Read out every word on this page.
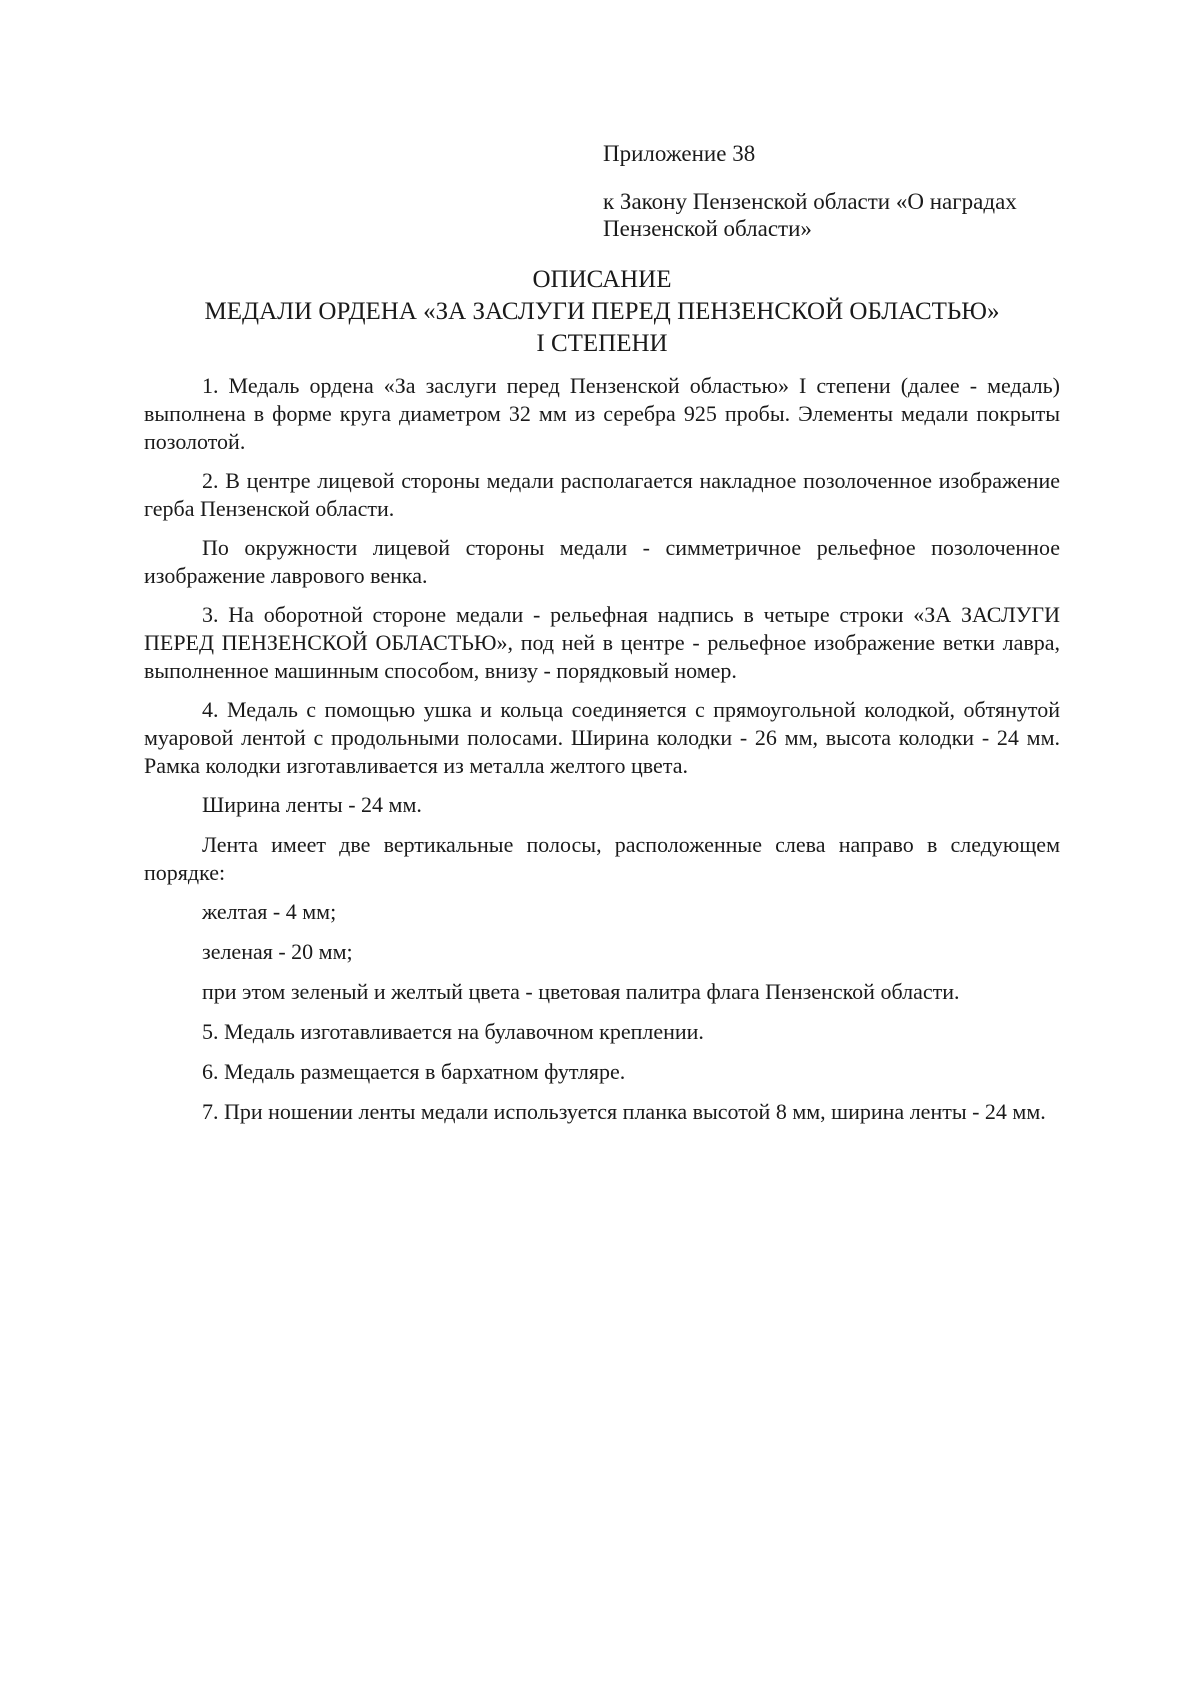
Приложение 38

к Закону Пензенской области «О наградах Пензенской области»

ОПИСАНИЕ
МЕДАЛИ ОРДЕНА «ЗА ЗАСЛУГИ ПЕРЕД ПЕНЗЕНСКОЙ ОБЛАСТЬЮ»
I СТЕПЕНИ

1. Медаль ордена «За заслуги перед Пензенской областью» I степени (далее - медаль) выполнена в форме круга диаметром 32 мм из серебра 925 пробы. Элементы медали покрыты позолотой.

2. В центре лицевой стороны медали располагается накладное позолоченное изображение герба Пензенской области.

По окружности лицевой стороны медали - симметричное рельефное позолоченное изображение лаврового венка.

3. На оборотной стороне медали - рельефная надпись в четыре строки «ЗА ЗАСЛУГИ ПЕРЕД ПЕНЗЕНСКОЙ ОБЛАСТЬЮ», под ней в центре - рельефное изображение ветки лавра, выполненное машинным способом, внизу - порядковый номер.

4. Медаль с помощью ушка и кольца соединяется с прямоугольной колодкой, обтянутой муаровой лентой с продольными полосами. Ширина колодки - 26 мм, высота колодки - 24 мм. Рамка колодки изготавливается из металла желтого цвета.

Ширина ленты - 24 мм.

Лента имеет две вертикальные полосы, расположенные слева направо в следующем порядке:

желтая - 4 мм;

зеленая - 20 мм;

при этом зеленый и желтый цвета - цветовая палитра флага Пензенской области.

5. Медаль изготавливается на булавочном креплении.

6. Медаль размещается в бархатном футляре.

7. При ношении ленты медали используется планка высотой 8 мм, ширина ленты - 24 мм.
